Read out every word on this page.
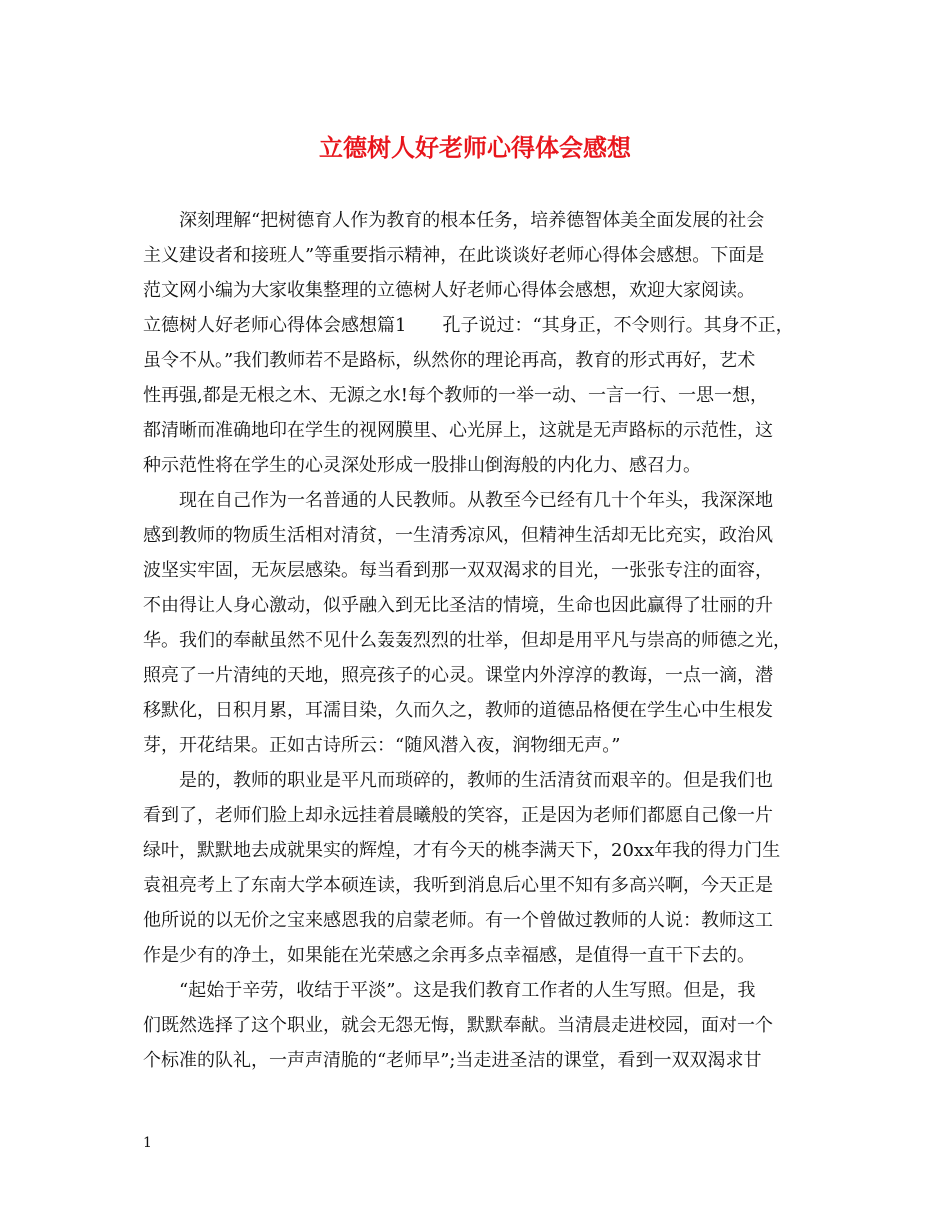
立德树人好老师心得体会感想
深刻理解“把树德育人作为教育的根本任务，培养德智体美全面发展的社会
主义建设者和接班人”等重要指示精神，在此谈谈好老师心得体会感想。下面是
范文网小编为大家收集整理的立德树人好老师心得体会感想，欢迎大家阅读。
立德树人好老师心得体会感想篇1　　孔子说过：“其身正，不令则行。其身不正，
虽令不从。”我们教师若不是路标，纵然你的理论再高，教育的形式再好，艺术
性再强,都是无根之木、无源之水!每个教师的一举一动、一言一行、一思一想，
都清晰而准确地印在学生的视网膜里、心光屏上，这就是无声路标的示范性，这
种示范性将在学生的心灵深处形成一股排山倒海般的内化力、感召力。
现在自己作为一名普通的人民教师。从教至今已经有几十个年头，我深深地
感到教师的物质生活相对清贫，一生清秀凉风，但精神生活却无比充实，政治风
波坚实牢固，无灰层感染。每当看到那一双双渴求的目光，一张张专注的面容，
不由得让人身心激动，似乎融入到无比圣洁的情境，生命也因此赢得了壮丽的升
华。我们的奉献虽然不见什么轰轰烈烈的壮举，但却是用平凡与崇高的师德之光，
照亮了一片清纯的天地，照亮孩子的心灵。课堂内外淳淳的教诲，一点一滴，潜
移默化，日积月累，耳濡目染，久而久之，教师的道德品格便在学生心中生根发
芽，开花结果。正如古诗所云：“随风潜入夜，润物细无声。”
是的，教师的职业是平凡而琐碎的，教师的生活清贫而艰辛的。但是我们也
看到了，老师们脸上却永远挂着晨曦般的笑容，正是因为老师们都愿自己像一片
绿叶，默默地去成就果实的辉煌，才有今天的桃李满天下，20xx年我的得力门生
袁祖亮考上了东南大学本硕连读，我听到消息后心里不知有多高兴啊，今天正是
他所说的以无价之宝来感恩我的启蒙老师。有一个曾做过教师的人说：教师这工
作是少有的净土，如果能在光荣感之余再多点幸福感，是值得一直干下去的。
“起始于辛劳，收结于平淡”。这是我们教育工作者的人生写照。但是，我
们既然选择了这个职业，就会无怨无悔，默默奉献。当清晨走进校园，面对一个
个标准的队礼，一声声清脆的“老师早”;当走进圣洁的课堂，看到一双双渴求甘
1
